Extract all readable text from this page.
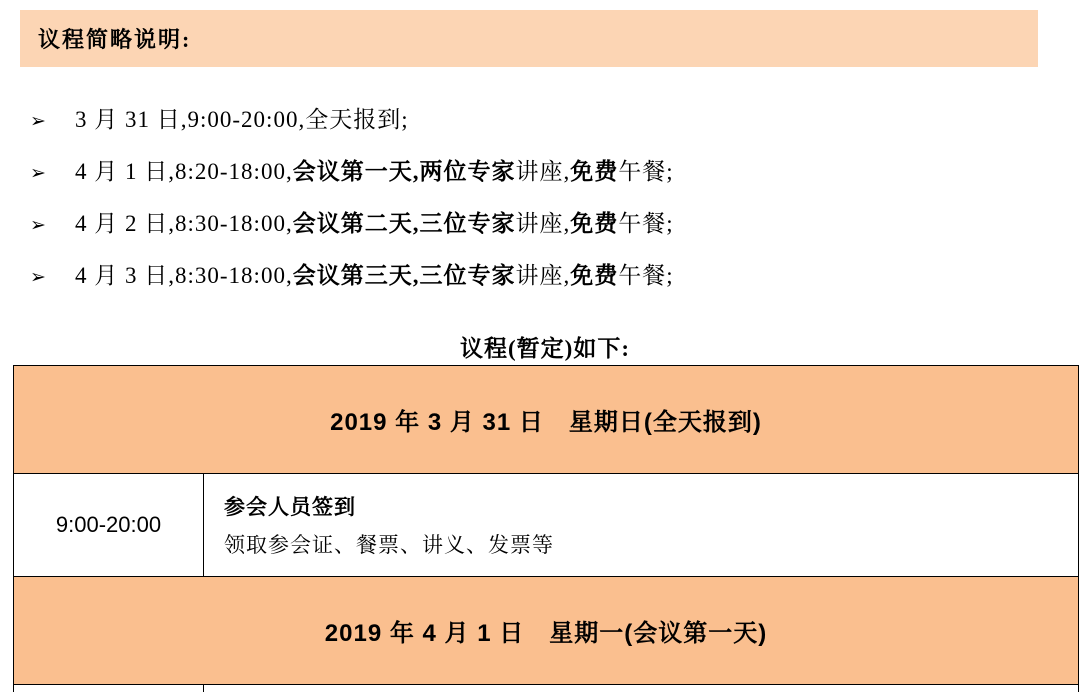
议程简略说明:
➢	3 月 31 日,9:00-20:00,全天报到;
➢	4 月 1 日,8:20-18:00,会议第一天,两位专家讲座,免费午餐;
➢	4 月 2 日,8:30-18:00,会议第二天,三位专家讲座,免费午餐;
➢	4 月 3 日,8:30-18:00,会议第三天,三位专家讲座,免费午餐;
议程(暂定)如下:
2019 年 3 月 31 日　星期日(全天报到)	
9:00-20:00	参会人员签到
领取参会证、餐票、讲义、发票等

2019 年 4 月 1 日　星期一(会议第一天)	
